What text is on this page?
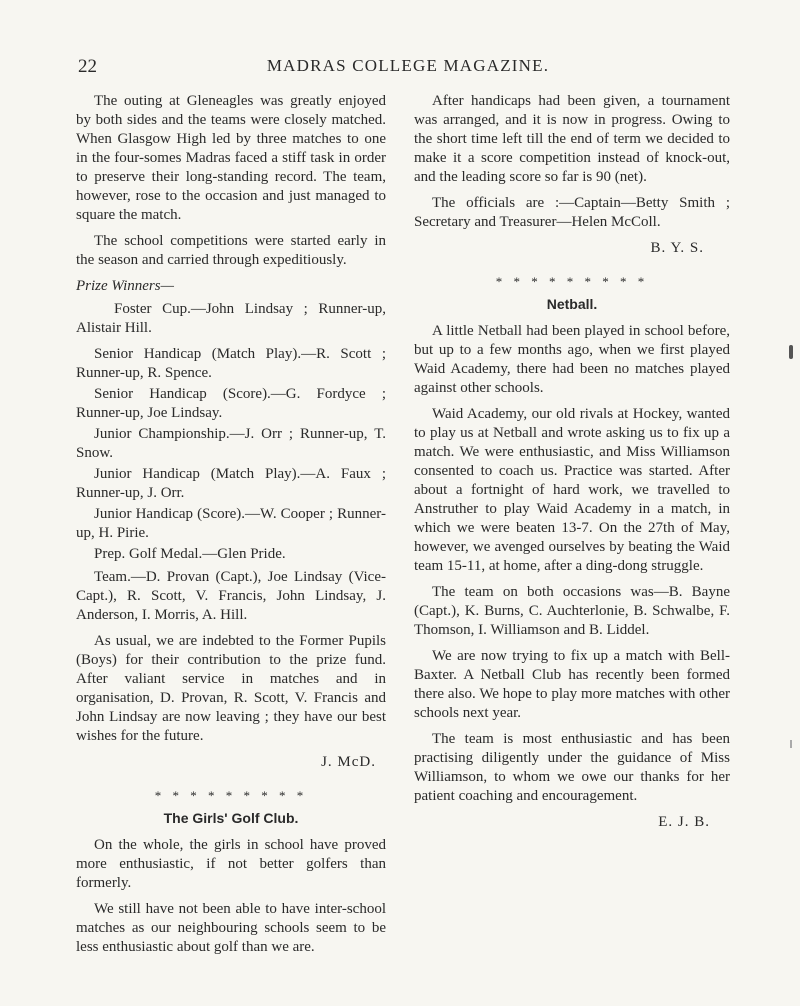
22	MADRAS COLLEGE MAGAZINE.

The outing at Gleneagles was greatly enjoyed by both sides and the teams were closely matched. When Glasgow High led by three matches to one in the four-somes Madras faced a stiff task in order to preserve their long-standing record. The team, however, rose to the occasion and just managed to square the match.

The school competitions were started early in the season and carried through expeditiously.

Prize Winners—

Foster Cup.—John Lindsay ; Runner-up, Alistair Hill.

Senior Handicap (Match Play).—R. Scott ; Runner-up, R. Spence.

Senior Handicap (Score).—G. Fordyce ; Runner-up, Joe Lindsay.

Junior Championship.—J. Orr ; Runner-up, T. Snow.

Junior Handicap (Match Play).—A. Faux ; Runner-up, J. Orr.

Junior Handicap (Score).—W. Cooper ; Runner-up, H. Pirie.

Prep. Golf Medal.—Glen Pride.

Team.—D. Provan (Capt.), Joe Lindsay (Vice-Capt.), R. Scott, V. Francis, John Lindsay, J. Anderson, I. Morris, A. Hill.

As usual, we are indebted to the Former Pupils (Boys) for their contribution to the prize fund. After valiant service in matches and in organisation, D. Provan, R. Scott, V. Francis and John Lindsay are now leaving ; they have our best wishes for the future.

J. McD.

* * * * * * * * *

The Girls' Golf Club.

On the whole, the girls in school have proved more enthusiastic, if not better golfers than formerly.

We still have not been able to have inter-school matches as our neighbouring schools seem to be less enthusiastic about golf than we are.

After handicaps had been given, a tournament was arranged, and it is now in progress. Owing to the short time left till the end of term we decided to make it a score competition instead of knock-out, and the leading score so far is 90 (net).

The officials are :—Captain—Betty Smith ; Secretary and Treasurer—Helen McColl.

B. Y. S.

* * * * * * * * *

Netball.

A little Netball had been played in school before, but up to a few months ago, when we first played Waid Academy, there had been no matches played against other schools.

Waid Academy, our old rivals at Hockey, wanted to play us at Netball and wrote asking us to fix up a match. We were enthusiastic, and Miss Williamson consented to coach us. Practice was started. After about a fortnight of hard work, we travelled to Anstruther to play Waid Academy in a match, in which we were beaten 13-7. On the 27th of May, however, we avenged ourselves by beating the Waid team 15-11, at home, after a ding-dong struggle.

The team on both occasions was—B. Bayne (Capt.), K. Burns, C. Auchterlonie, B. Schwalbe, F. Thomson, I. Williamson and B. Liddel.

We are now trying to fix up a match with Bell-Baxter. A Netball Club has recently been formed there also. We hope to play more matches with other schools next year.

The team is most enthusiastic and has been practising diligently under the guidance of Miss Williamson, to whom we owe our thanks for her patient coaching and encouragement.

E. J. B.
